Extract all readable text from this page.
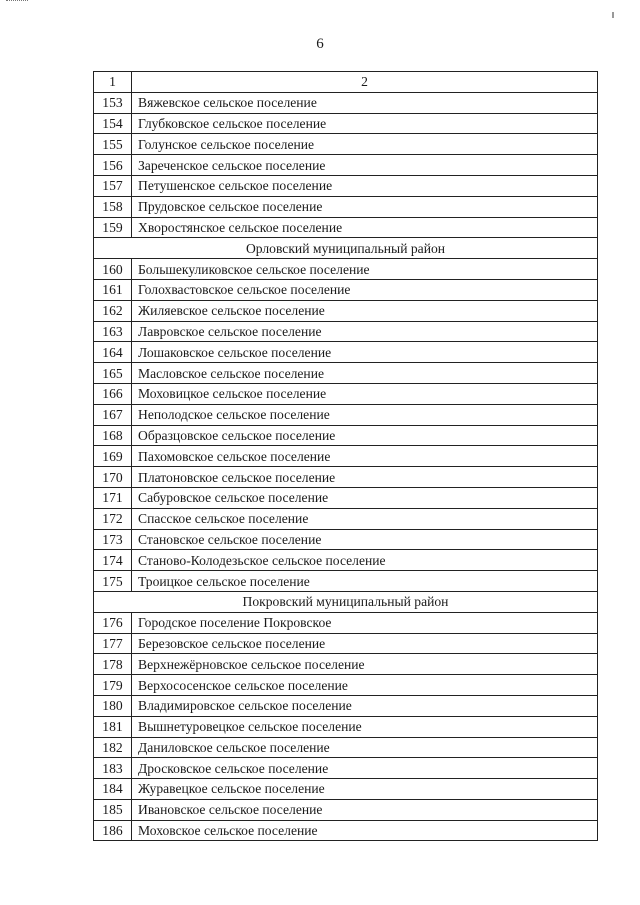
6
1	2
153	Вяжевское сельское поселение
154	Глубковское сельское поселение
155	Голунское сельское поселение
156	Зареченское сельское поселение
157	Петушенское сельское поселение
158	Прудовское сельское поселение
159	Хворостянское сельское поселение
Орловский муниципальный район	
160	Большекуликовское сельское поселение
161	Голохвастовское сельское поселение
162	Жиляевское сельское поселение
163	Лавровское сельское поселение
164	Лошаковское сельское поселение
165	Масловское сельское поселение
166	Моховицкое сельское поселение
167	Неполодское сельское поселение
168	Образцовское сельское поселение
169	Пахомовское сельское поселение
170	Платоновское сельское поселение
171	Сабуровское сельское поселение
172	Спасское сельское поселение
173	Становское сельское поселение
174	Станово-Колодезьское сельское поселение
175	Троицкое сельское поселение
Покровский муниципальный район	
176	Городское поселение Покровское
177	Березовское сельское поселение
178	Верхнежёрновское сельское поселение
179	Верхососенское сельское поселение
180	Владимировское сельское поселение
181	Вышнетуровецкое сельское поселение
182	Даниловское сельское поселение
183	Дросковское сельское поселение
184	Журавецкое сельское поселение
185	Ивановское сельское поселение
186	Моховское сельское поселение
